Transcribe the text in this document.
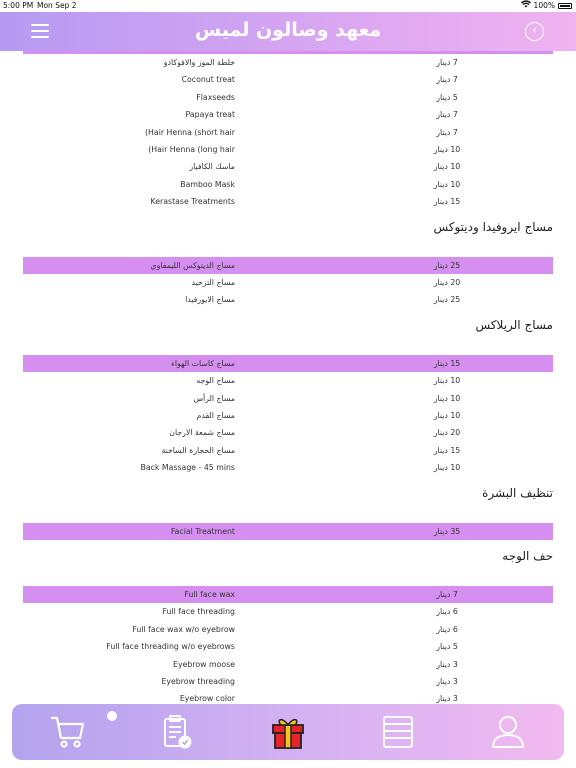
5:00 PM Mon Sep 2	100%
معهد وصالون لميس	‹
7 دينار
خلطة الموز والافوكادو
7 دينار
Coconut treat
5 دينار
Flaxseeds
7 دينار
Papaya treat
7 دينار
(Hair Henna (short hair
10 دينار
(Hair Henna (long hair
10 دينار
ماسك الكافيار
10 دينار
Bamboo Mask
15 دينار
Kerastase Treatments
مساج ايروفيدا وديتوكس
25 دينار
مساج الديتوكس الليمفاوي
20 دينار
مساج التزحيد
25 دينار
مساج الايورفيدا
مساج الريلاكس
15 دينار
مساج كاسات الهواء
10 دينار
مساج الوجه
10 دينار
مساج الرأس
10 دينار
مساج القدم
20 دينار
مساج شمعة الارجان
15 دينار
مساج الحجارة الساخنة
10 دينار
Back Massage - 45 mins
تنظيف البشرة
35 دينار
Facial Treatment
حف الوجه
7 دينار
Full face wax
6 دينار
Full face threading
6 دينار
Full face wax w/o eyebrow
5 دينار
Full face threading w/o eyebrows
3 دينار
Eyebrow moose
3 دينار
Eyebrow threading
3 دينار
Eyebrow color
